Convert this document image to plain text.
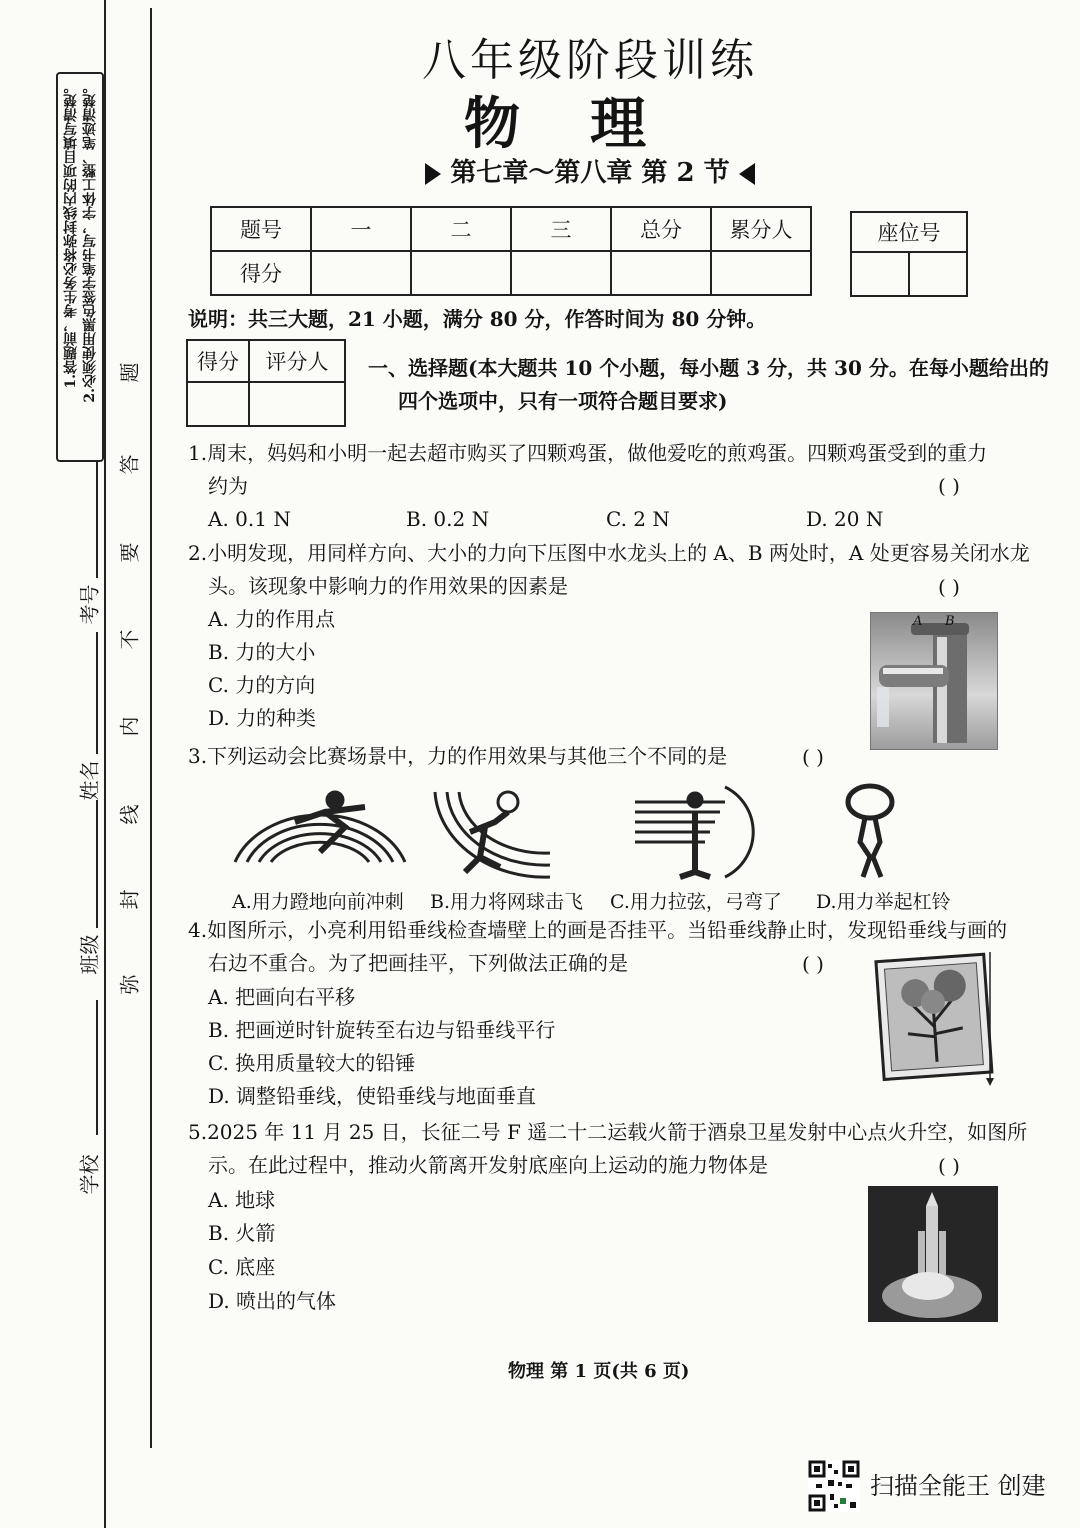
1.答题前，考生务必将弥封线内的项目填写清楚。 2.必须使用黑色签字笔书写，字体工整、笔迹清楚。
弥
封
线
内
不
要
答
题
学校
班级
姓名
考号
八年级阶段训练
物理
第七章～第八章 第 2 节
题号	一	二	三	总分	累分人
得分					
座位号

说明：共三大题，21 小题，满分 80 分，作答时间为 80 分钟。
得分	评分人
	一、选择题(本大题共 10 个小题，每小题 3 分，共 30 分。在每小题给出的
四个选项中，只有一项符合题目要求)
1.周末，妈妈和小明一起去超市购买了四颗鸡蛋，做他爱吃的煎鸡蛋。四颗鸡蛋受到的重力
约为	( )
A. 0.1 N	B. 0.2 N	C. 2 N	D. 20 N
2.小明发现，用同样方向、大小的力向下压图中水龙头上的 A、B 两处时，A 处更容易关闭水龙
头。该现象中影响力的作用效果的因素是	( )
A. 力的作用点
B. 力的大小
C. 力的方向
D. 力的种类
A B
3.下列运动会比赛场景中，力的作用效果与其他三个不同的是	( )
A.用力蹬地向前冲刺 B.用力将网球击飞 C.用力拉弦，弓弯了 D.用力举起杠铃
4.如图所示，小亮利用铅垂线检查墙壁上的画是否挂平。当铅垂线静止时，发现铅垂线与画的
右边不重合。为了把画挂平，下列做法正确的是	( )
A. 把画向右平移
B. 把画逆时针旋转至右边与铅垂线平行
C. 换用质量较大的铅锤
D. 调整铅垂线，使铅垂线与地面垂直
5.2025 年 11 月 25 日，长征二号 F 遥二十二运载火箭于酒泉卫星发射中心点火升空，如图所
示。在此过程中，推动火箭离开发射底座向上运动的施力物体是	( )
A. 地球
B. 火箭
C. 底座
D. 喷出的气体
物理 第 1 页(共 6 页)
扫描全能王 创建
